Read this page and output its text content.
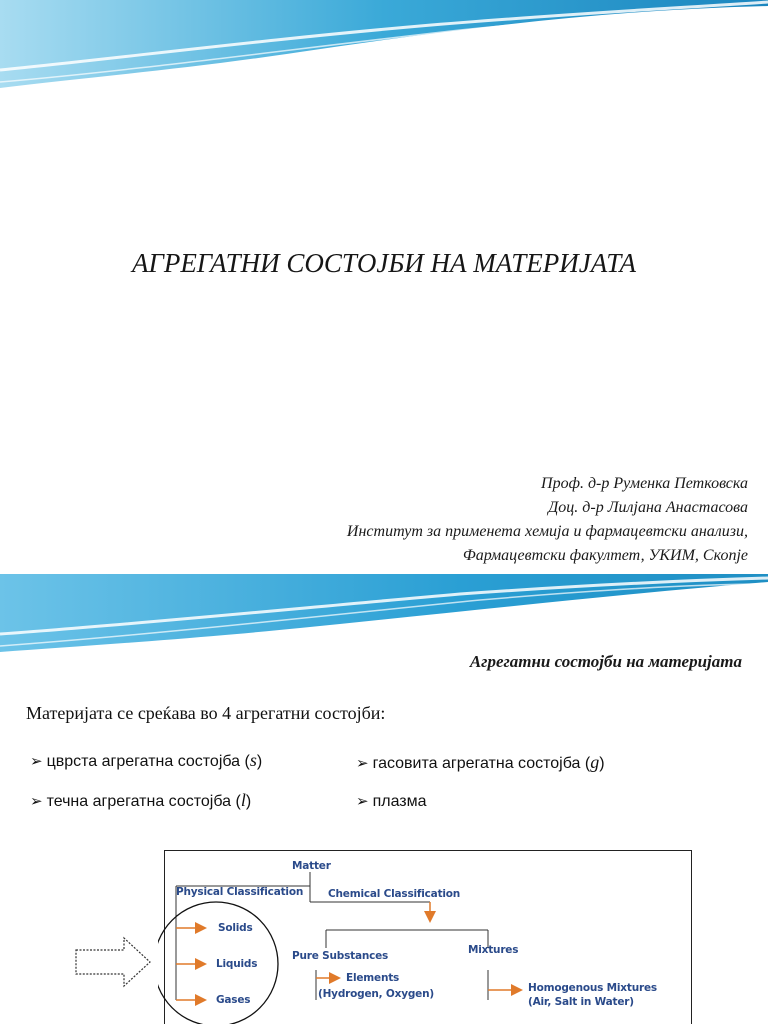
АГРЕГАТНИ СОСТОЈБИ НА МАТЕРИЈАТА
Проф. д-р Руменка Петковска
Доц. д-р Лилјана Анастасова
Институт за применета хемија и фармацевтски анализи,
Фармацевтски факултет, УКИМ, Скопје
Агрегатни состојби на материјата
Материјата се среќава во 4 агрегатни состојби:
➢ цврста агрегатна состојба (s)	➢ гасовита агрегатна состојба (g)
➢ течна агрегатна состојба (l)	➢ плазма
Matter
Physical Classification Chemical Classification
Solids
Liquids
Gases
Pure Substances	Mixtures
Elements
(Hydrogen, Oxygen)	Homogenous Mixtures
(Air, Salt in Water)
